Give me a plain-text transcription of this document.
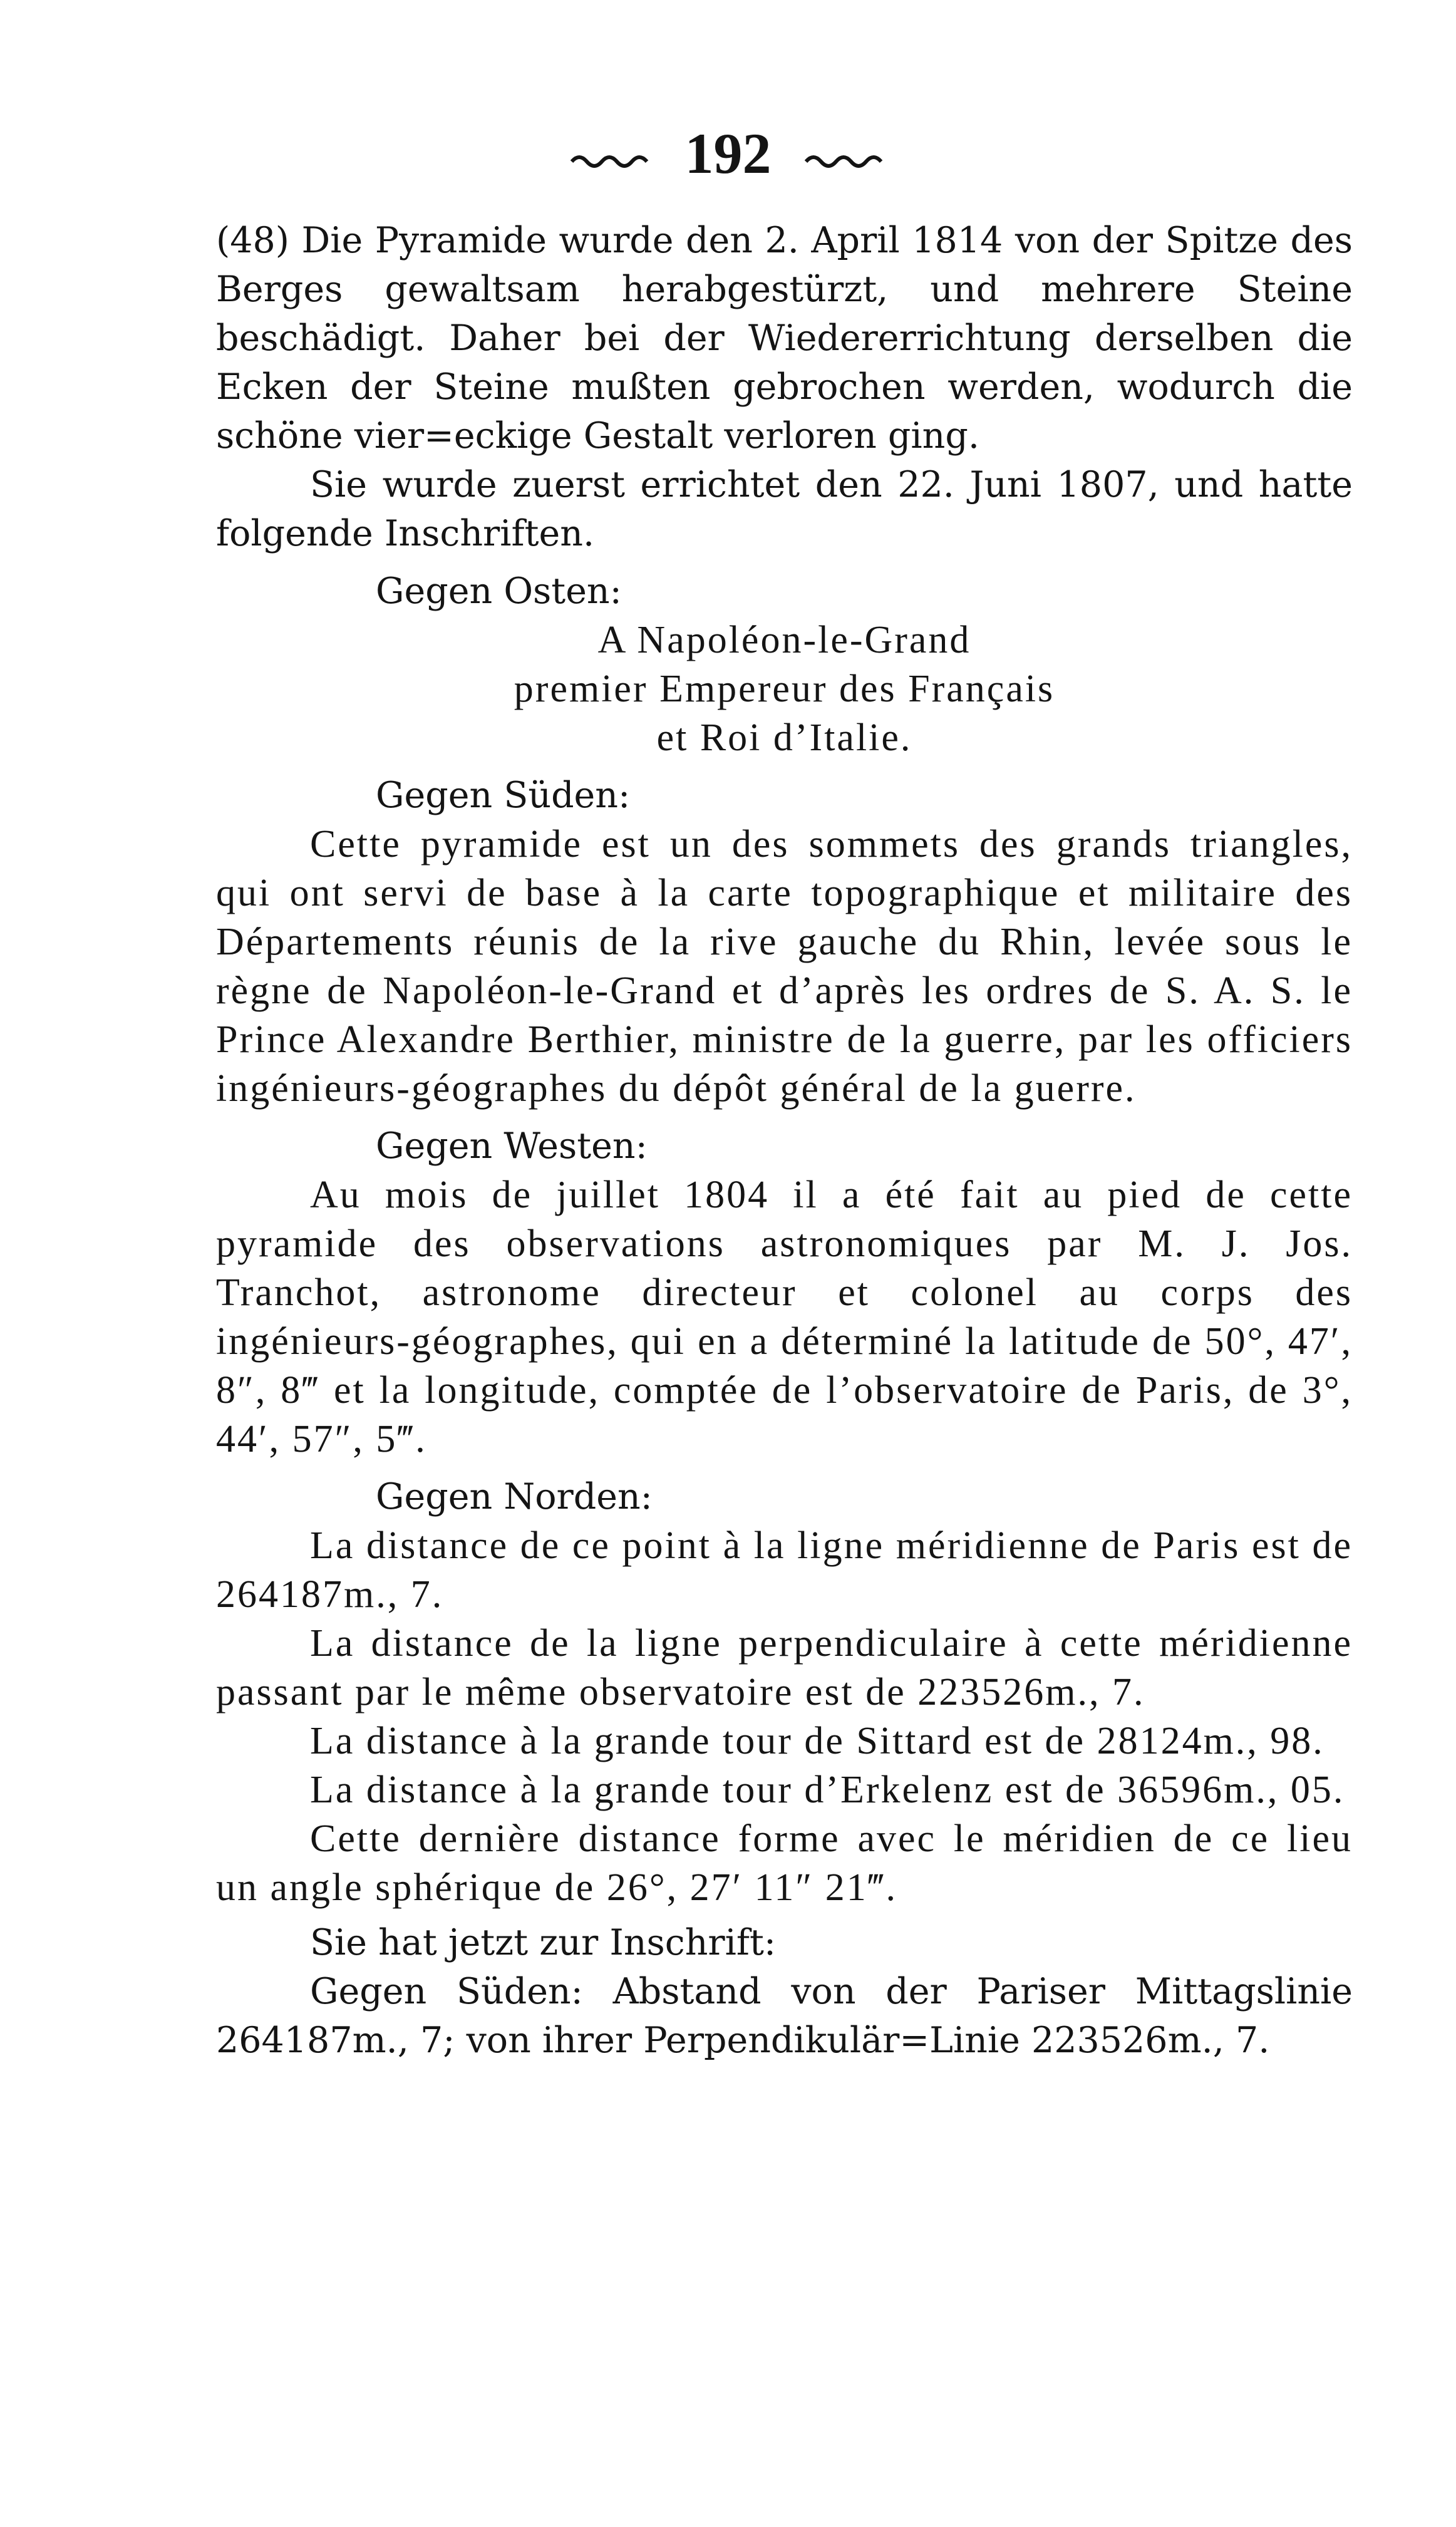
192

(48) Die Pyramide wurde den 2. April 1814 von der Spitze des Berges gewaltsam herabgestürzt, und mehrere Steine beschädigt. Daher bei der Wiedererrichtung derselben die Ecken der Steine mußten gebrochen werden, wodurch die schöne vier=eckige Gestalt verloren ging.

Sie wurde zuerst errichtet den 22. Juni 1807, und hatte folgende Inschriften.

Gegen Osten:
A Napoléon-le-Grand
premier Empereur des Français
et Roi d’Italie.
Gegen Süden:

Cette pyramide est un des sommets des grands triangles, qui ont servi de base à la carte topographique et militaire des Départements réunis de la rive gauche du Rhin, levée sous le règne de Napoléon-le-Grand et d’après les ordres de S. A. S. le Prince Alexandre Berthier, ministre de la guerre, par les officiers ingénieurs-géographes du dépôt général de la guerre.

Gegen Westen:

Au mois de juillet 1804 il a été fait au pied de cette pyramide des observations astronomiques par M. J. Jos. Tranchot, astronome directeur et colonel au corps des ingénieurs-géographes, qui en a déterminé la latitude de 50°, 47′, 8″, 8‴ et la longitude, comptée de l’observatoire de Paris, de 3°, 44′, 57″, 5‴.

Gegen Norden:

La distance de ce point à la ligne méridienne de Paris est de 264187m., 7.

La distance de la ligne perpendiculaire à cette méridienne passant par le même observatoire est de 223526m., 7.

La distance à la grande tour de Sittard est de 28124m., 98.

La distance à la grande tour d’Erkelenz est de 36596m., 05.

Cette dernière distance forme avec le méridien de ce lieu un angle sphérique de 26°, 27′ 11″ 21‴.

Sie hat jetzt zur Inschrift:

Gegen Süden: Abstand von der Pariser Mittagslinie 264187m., 7; von ihrer Perpendikulär=Linie 223526m., 7.
